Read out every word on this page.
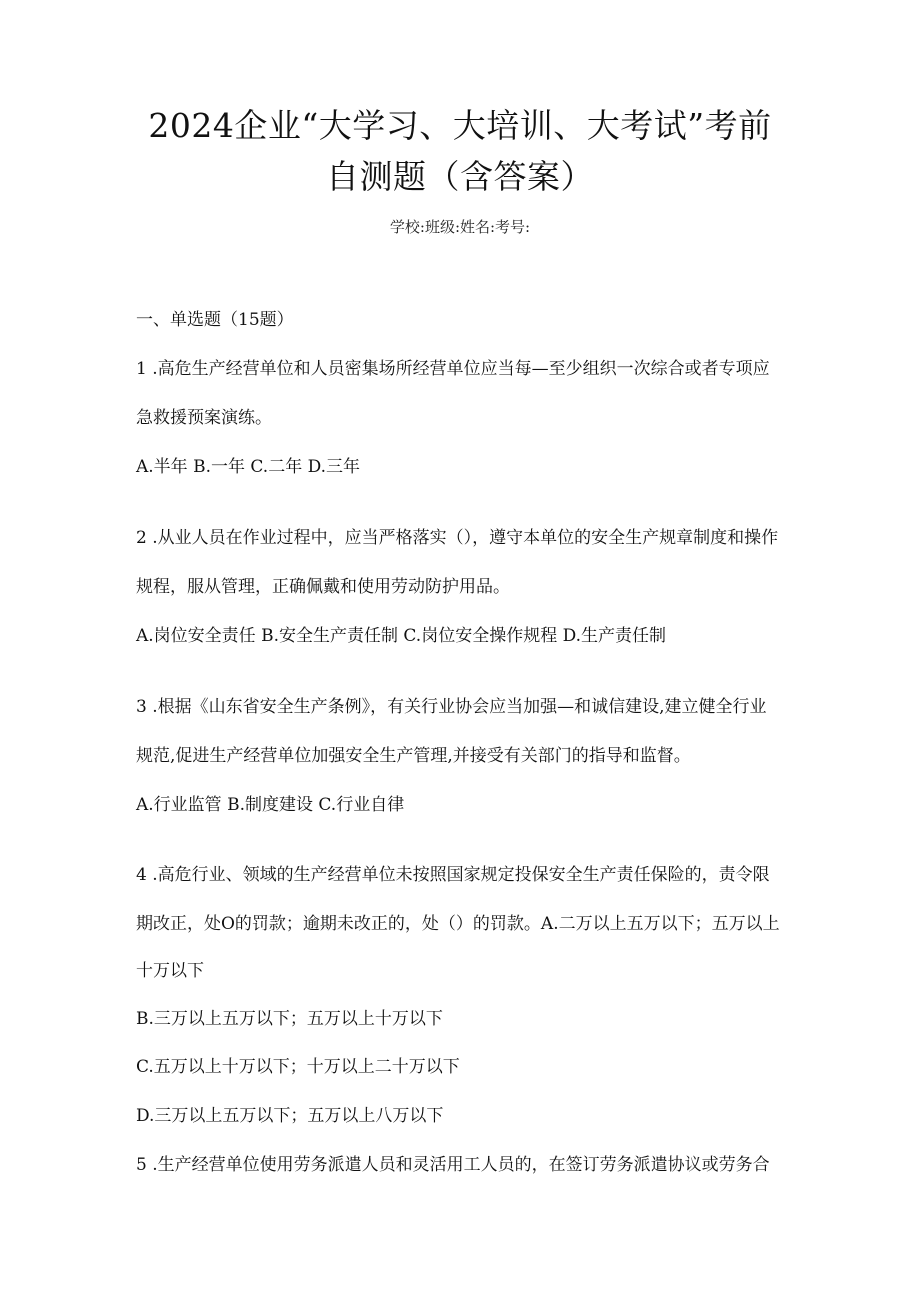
2024企业“大学习、大培训、大考试”考前
自测题（含答案）
学校:班级:姓名:考号:
一、单选题（15题）
1 .高危生产经营单位和人员密集场所经营单位应当每—至少组织一次综合或者专项应
急救援预案演练。
A.半年 B.一年 C.二年 D.三年
2 .从业人员在作业过程中，应当严格落实（），遵守本单位的安全生产规章制度和操作
规程，服从管理，正确佩戴和使用劳动防护用品。
A.岗位安全责任 B.安全生产责任制 C.岗位安全操作规程 D.生产责任制
3 .根据《山东省安全生产条例》，有关行业协会应当加强—和诚信建设,建立健全行业
规范,促进生产经营单位加强安全生产管理,并接受有关部门的指导和监督。
A.行业监管 B.制度建设 C.行业自律
4 .高危行业、领域的生产经营单位未按照国家规定投保安全生产责任保险的，责令限
期改正，处O的罚款；逾期未改正的，处（）的罚款。A.二万以上五万以下；五万以上
十万以下
B.三万以上五万以下；五万以上十万以下
C.五万以上十万以下；十万以上二十万以下
D.三万以上五万以下；五万以上八万以下
5 .生产经营单位使用劳务派遣人员和灵活用工人员的，在签订劳务派遣协议或劳务合
